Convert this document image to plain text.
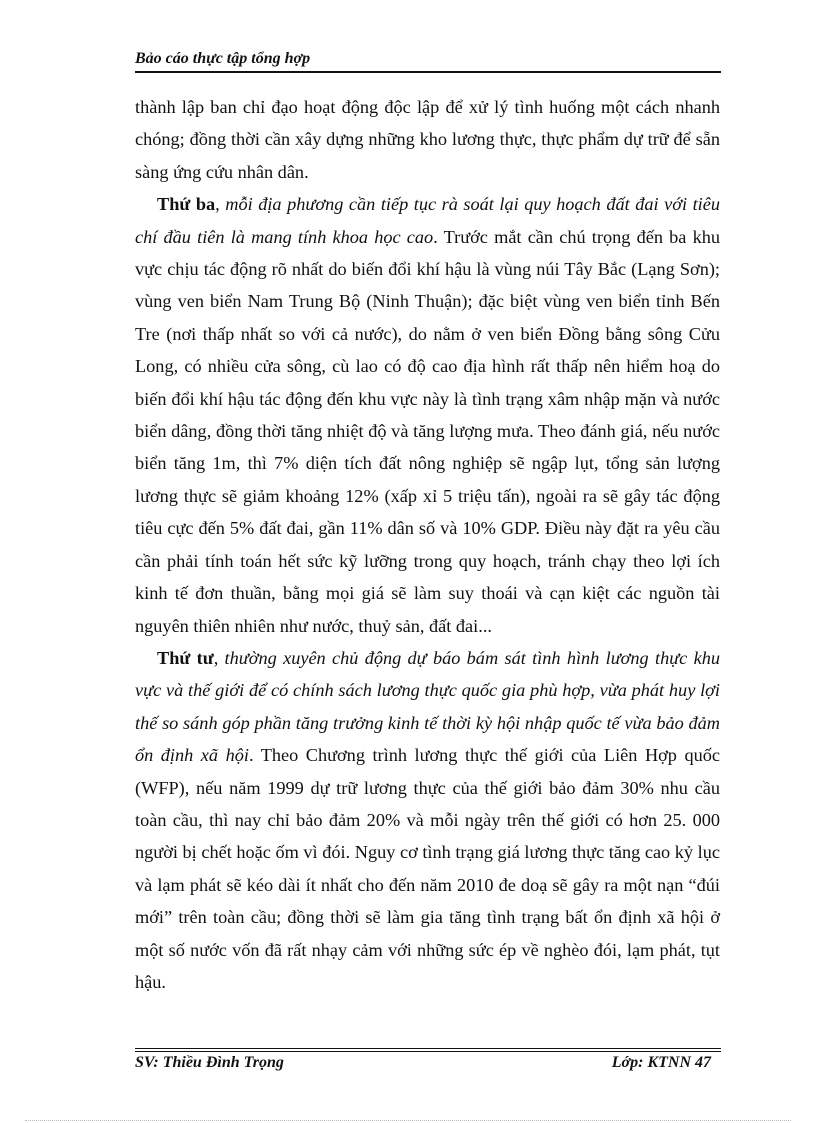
Bảo cáo thực tập tổng hợp

thành lập ban chỉ đạo hoạt động độc lập để xử lý tình huống một cách nhanh chóng; đồng thời cần xây dựng những kho lương thực, thực phẩm dự trữ để sẵn sàng ứng cứu nhân dân.

Thứ ba, mỗi địa phương cần tiếp tục rà soát lại quy hoạch đất đai với tiêu chí đầu tiên là mang tính khoa học cao. Trước mắt cần chú trọng đến ba khu vực chịu tác động rõ nhất do biến đổi khí hậu là vùng núi Tây Bắc (Lạng Sơn); vùng ven biển Nam Trung Bộ (Ninh Thuận); đặc biệt vùng ven biển tỉnh Bến Tre (nơi thấp nhất so với cả nước), do nằm ở ven biển Đồng bằng sông Cửu Long, có nhiều cửa sông, cù lao có độ cao địa hình rất thấp nên hiểm hoạ do biến đổi khí hậu tác động đến khu vực này là tình trạng xâm nhập mặn và nước biển dâng, đồng thời tăng nhiệt độ và tăng lượng mưa. Theo đánh giá, nếu nước biển tăng 1m, thì 7% diện tích đất nông nghiệp sẽ ngập lụt, tổng sản lượng lương thực sẽ giảm khoảng 12% (xấp xỉ 5 triệu tấn), ngoài ra sẽ gây tác động tiêu cực đến 5% đất đai, gần 11% dân số và 10% GDP. Điều này đặt ra yêu cầu cần phải tính toán hết sức kỹ lưỡng trong quy hoạch, tránh chạy theo lợi ích kinh tế đơn thuần, bằng mọi giá sẽ làm suy thoái và cạn kiệt các nguồn tài nguyên thiên nhiên như nước, thuỷ sản, đất đai...

Thứ tư, thường xuyên chủ động dự báo bám sát tình hình lương thực khu vực và thế giới để có chính sách lương thực quốc gia phù hợp, vừa phát huy lợi thế so sánh góp phần tăng trưởng kinh tế thời kỳ hội nhập quốc tế vừa bảo đảm ổn định xã hội. Theo Chương trình lương thực thế giới của Liên Hợp quốc (WFP), nếu năm 1999 dự trữ lương thực của thế giới bảo đảm 30% nhu cầu toàn cầu, thì nay chỉ bảo đảm 20% và mỗi ngày trên thế giới có hơn 25. 000 người bị chết hoặc ốm vì đói. Nguy cơ tình trạng giá lương thực tăng cao kỷ lục và lạm phát sẽ kéo dài ít nhất cho đến năm 2010 đe doạ sẽ gây ra một nạn “đúi mới” trên toàn cầu; đồng thời sẽ làm gia tăng tình trạng bất ổn định xã hội ở một số nước vốn đã rất nhạy cảm với những sức ép về nghèo đói, lạm phát, tụt hậu.

SV: Thiều Đình Trọng	Lớp: KTNN 47
